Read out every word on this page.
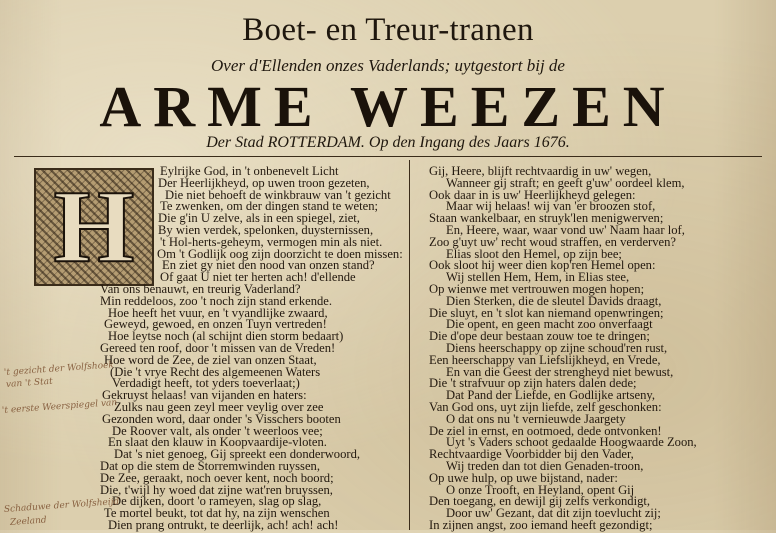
Boet- en Treur-tranen
Over d'Ellenden onzes Vaderlands; uytgestort bij de
ARME WEEZEN
Der Stad ROTTERDAM. Op den Ingang des Jaars 1676.
H Eylrijke God, in 't onbenevelt Licht
Der Heerlijkheyd, op uwen troon gezeten,
Die niet behoeft de winkbrauw van 't gezicht
Te zwenken, om der dingen stand te weten;
Die g'in U zelve, als in een spiegel, ziet,
By wien verdek, spelonken, duysternissen,
't Hol-herts-geheym, vermogen min als niet.
Om 't Godlijk oog zijn doorzicht te doen missen:
En ziet gy niet den nood van onzen stand?
Of gaat U niet ter herten ach! d'ellende
Van ons benauwt, en treurig Vaderland?
Min reddeloos, zoo 't noch zijn stand erkende.
Hoe heeft het vuur, en 't vyandlijke zwaard,
Geweyd, gewoed, en onzen Tuyn vertreden!
Hoe leytse noch (al schijnt dien storm bedaart)
Gereed ten roof, door 't missen van de Vreden!
Hoe word de Zee, de ziel van onzen Staat,
(Die 't vrye Recht des algemeenen Waters
Verdadigt heeft, tot yders toeverlaat;)
Gekruyst helaas! van vijanden en haters:
Zulks nau geen zeyl meer veylig over zee
Gezonden word, daar onder 's Visschers booten
De Roover valt, als onder 't weerloos vee;
En slaat den klauw in Koopvaardije-vloten.
Dat 's niet genoeg, Gij spreekt een donderwoord,
Dat op die stem de Storremwinden ruyssen,
De Zee, geraakt, noch oever kent, noch boord;
Die, t'wijl hy woed dat zijne wat'ren bruyssen,
De dijken, doort 'o rameyen, slag op slag,
Te mortel beukt, tot dat hy, na zijn wenschen
Dien prang ontrukt, te deerlijk, ach! ach! ach!
Gij, Heere, blijft rechtvaardig in uw' wegen,
Wanneer gij straft; en geeft g'uw' oordeel klem,
Ook daar in is uw' Heerlijkheyd gelegen:
Maar wij helaas! wij van 'er broozen stof,
Staan wankelbaar, en struyk'len menigwerven;
En, Heere, waar, waar vond uw' Naam haar lof,
Zoo g'uyt uw' recht woud straffen, en verderven?
Elias sloot den Hemel, op zijn bee;
Ook sloot hij weer dien kop'ren Hemel open:
Wij stellen Hem, Hem, in Elias stee,
Op wienwe met vertrouwen mogen hopen;
Dien Sterken, die de sleutel Davids draagt,
Die sluyt, en 't slot kan niemand openwringen;
Die opent, en geen macht zoo onverfaagt
Die d'ope deur bestaan zouw toe te dringen;
Diens heerschappy op zijne schoud'ren rust,
Een heerschappy van Liefslijkheyd, en Vrede,
En van die Geest der strengheyd niet bewust,
Die 't strafvuur op zijn haters dalen dede;
Dat Pand der Liefde, en Godlijke artseny,
Van God ons, uyt zijn liefde, zelf geschonken:
O dat ons nu 't vernieuwde Jaargety
De ziel in ernst, en ootmoed, dede ontvonken!
Uyt 's Vaders schoot gedaalde Hoogwaarde Zoon,
Rechtvaardige Voorbidder bij den Vader,
Wij treden dan tot dien Genaden-troon,
Op uwe hulp, op uwe bijstand, nader:
O onze Trooft, en Heyland, opent Gij
Den toegang, en dewijl gij zelfs verkondigt,
Door uw' Gezant, dat dit zijn toevlucht zij;
In zijnen angst, zoo iemand heeft gezondigt;
't gezicht der Wolfshoek
van 't Stat
't eerste Weerspiegel van
Schaduwe der Wolfsheijd
Zeeland
